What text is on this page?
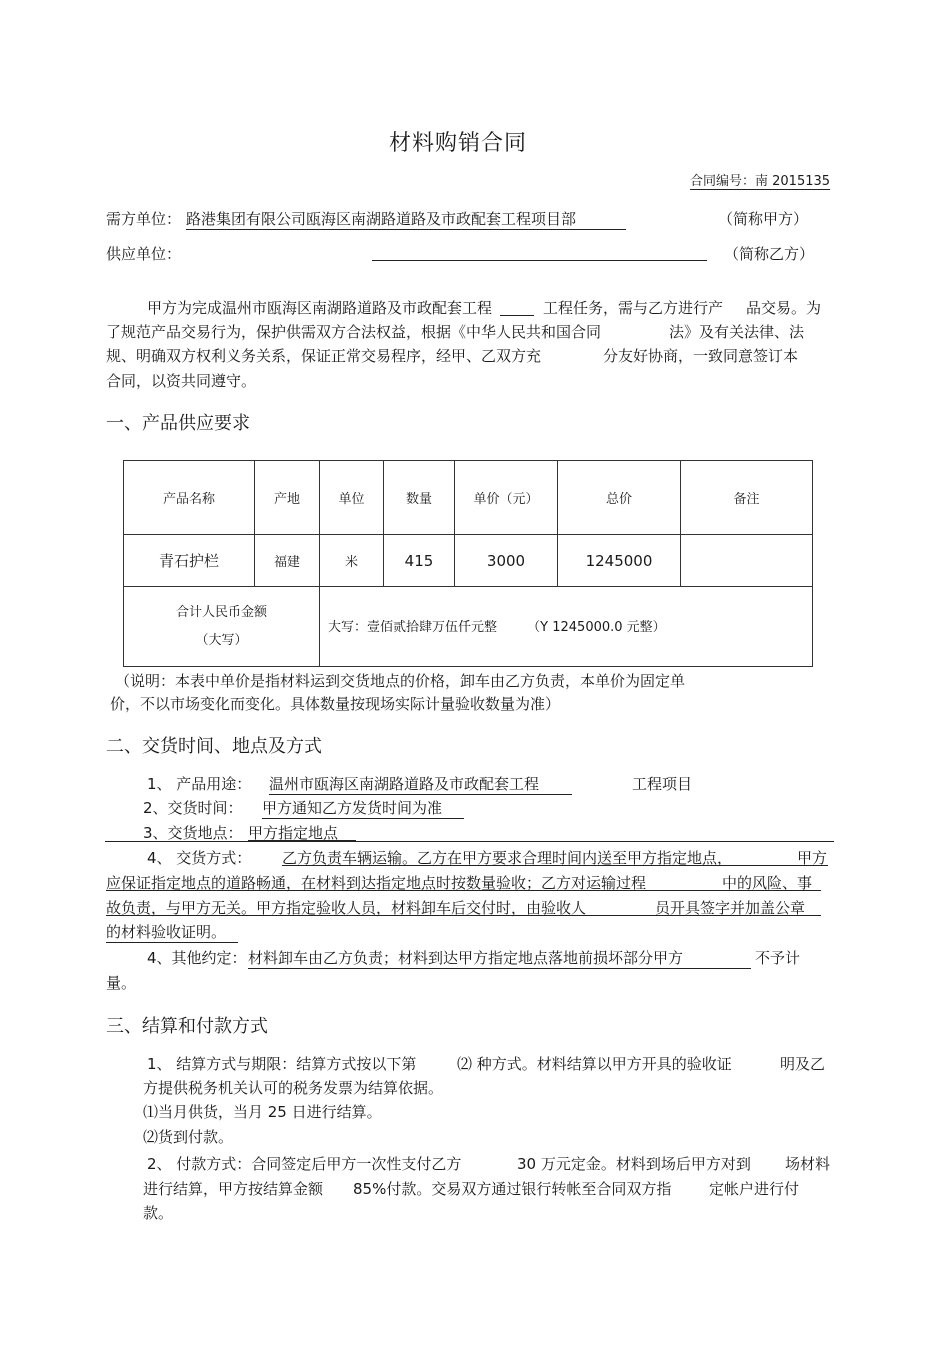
材料购销合同
合同编号：南 2015135
需方单位： 路港集团有限公司瓯海区南湖路道路及市政配套工程项目部	（简称甲方）
供应单位：	（简称乙方）
甲方为完成温州市瓯海区南湖路道路及市政配套工程	工程任务，需与乙方进行产 品交易。为
了规范产品交易行为，保护供需双方合法权益，根据《中华人民共和国合同	法》及有关法律、法
规、明确双方权利义务关系，保证正常交易程序，经甲、乙双方充	分友好协商，一致同意签订本
合同，以资共同遵守。
一、产品供应要求
产品名称	产地	单位	数量	单价（元）	总价	备注
青石护栏	福建	米	415	3000	1245000	

合计人民币金额
（大写）		大写：壹佰贰拾肆万伍仟元整 （Y 1245000.0 元整）				
（说明：本表中单价是指材料运到交货地点的价格，卸车由乙方负责，本单价为固定单
价，不以市场变化而变化。具体数量按现场实际计量验收数量为准）
二、交货时间、地点及方式
1、 产品用途： 温州市瓯海区南湖路道路及市政配套工程	工程项目
2、交货时间： 甲方通知乙方发货时间为准
3、交货地点： 甲方指定地点
4、 交货方式： 乙方负责车辆运输。乙方在甲方要求合理时间内送至甲方指定地点，	甲方
应保证指定地点的道路畅通，在材料到达指定地点时按数量验收；乙方对运输过程	中的风险、事
故负责，与甲方无关。甲方指定验收人员，材料卸车后交付时，由验收人	员开具签字并加盖公章
的材料验收证明。
4、其他约定： 材料卸车由乙方负责；材料到达甲方指定地点落地前损坏部分甲方	不予计
量。
三、结算和付款方式
1、 结算方式与期限：结算方式按以下第	⑵ 种方式。材料结算以甲方开具的验收证	明及乙
方提供税务机关认可的税务发票为结算依据。
⑴当月供货，当月 25 日进行结算。
⑵货到付款。
2、 付款方式：合同签定后甲方一次性支付乙方	30 万元定金。材料到场后甲方对到 场材料
进行结算，甲方按结算金额 85%付款。交易双方通过银行转帐至合同双方指	定帐户进行付
款。
